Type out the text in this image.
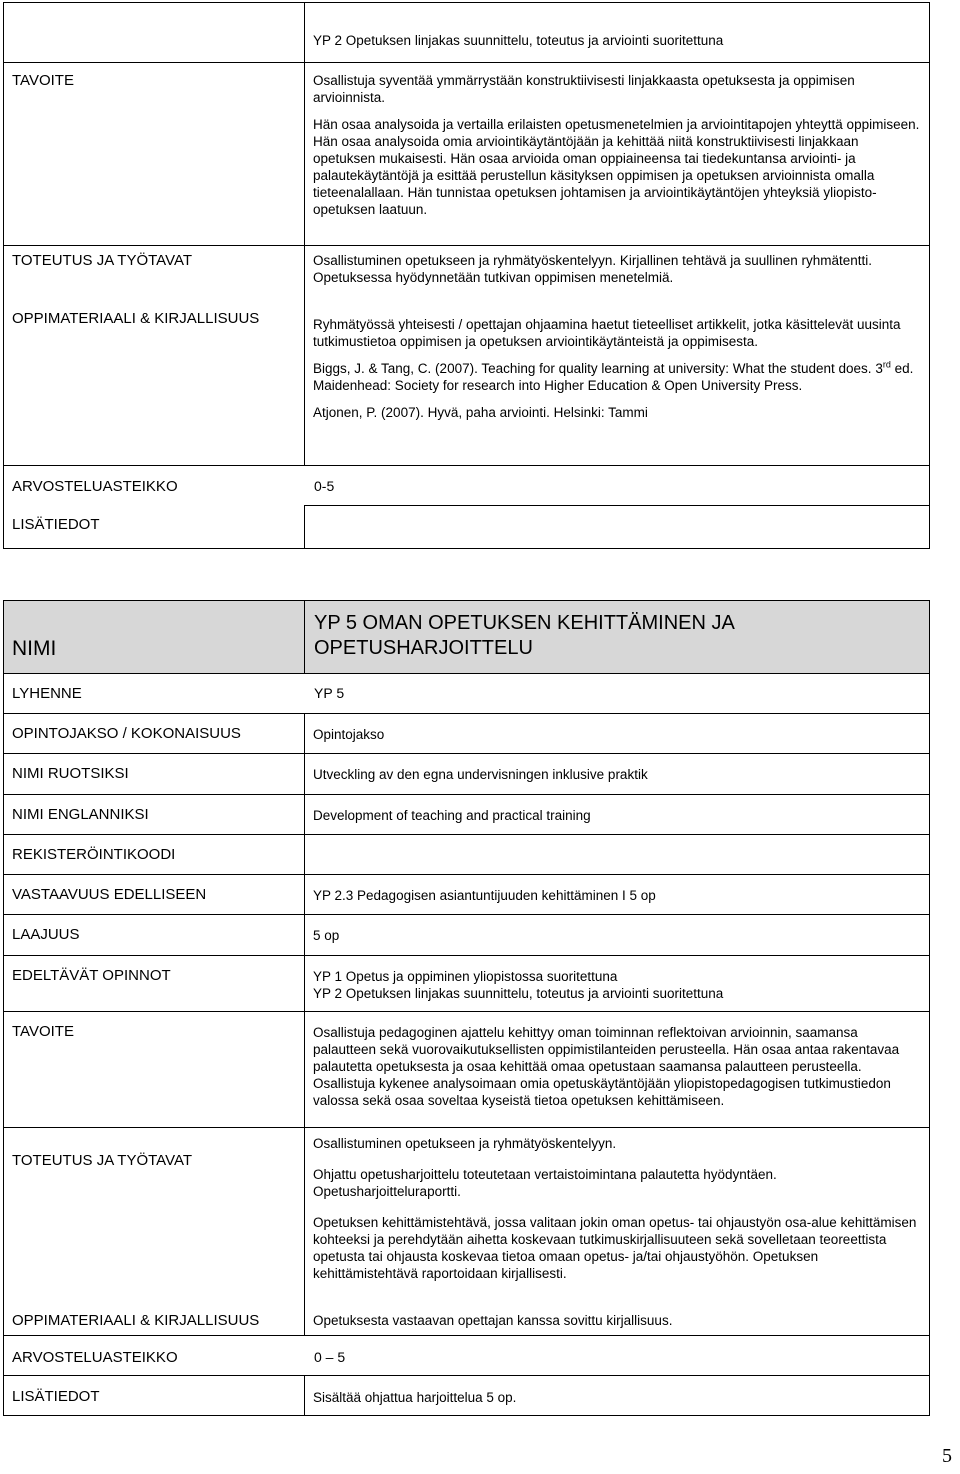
	YP 2 Opetuksen linjakas suunnittelu, toteutus ja arviointi suoritettuna

TAVOITE	Osallistuja syventää ymmärrystään konstruktiivisesti linjakkaasta opetuksesta ja oppimisen arvioinnista.

Hän osaa analysoida ja vertailla erilaisten opetusmenetelmien ja arviointitapojen yhteyttä oppimiseen. Hän osaa analysoida omia arviointikäytäntöjään ja kehittää niitä konstruktiivisesti linjakkaan opetuksen mukaisesti. Hän osaa arvioida oman oppiaineensa tai tiedekuntansa arviointi- ja palautekäytäntöjä ja esittää perustellun käsityksen oppimisen ja opetuksen arvioinnista omalla tieteenalallaan. Hän tunnistaa opetuksen johtamisen ja arviointikäytäntöjen yhteyksiä yliopisto-opetuksen laatuun.

TOTEUTUS JA TYÖTAVAT	Osallistuminen opetukseen ja ryhmätyöskentelyyn. Kirjallinen tehtävä ja suullinen ryhmätentti. Opetuksessa hyödynnetään tutkivan oppimisen menetelmiä.

OPPIMATERIAALI & KIRJALLISUUS	Ryhmätyössä yhteisesti / opettajan ohjaamina haetut tieteelliset artikkelit, jotka käsittelevät uusinta tutkimustietoa oppimisen ja opetuksen arviointikäytänteistä ja oppimisesta.

Biggs, J. & Tang, C. (2007). Teaching for quality learning at university: What the student does. 3rd ed. Maidenhead: Society for research into Higher Education & Open University Press.

Atjonen, P. (2007). Hyvä, paha arviointi. Helsinki: Tammi

ARVOSTELUASTEIKKO 0-5	
LISÄTIEDOT	
NIMI	YP 5 OMAN OPETUKSEN KEHITTÄMINEN JA OPETUSHARJOITTELU

LYHENNE YP 5	
OPINTOJAKSO / KOKONAISUUS	Opintojakso
NIMI RUOTSIKSI	Utveckling av den egna undervisningen inklusive praktik
NIMI ENGLANNIKSI	Development of teaching and practical training
REKISTERÖINTIKOODI	
VASTAAVUUS EDELLISEEN	YP 2.3 Pedagogisen asiantuntijuuden kehittäminen I 5 op
LAAJUUS	5 op
EDELTÄVÄT OPINNOT	YP 1 Opetus ja oppiminen yliopistossa suoritettuna

YP 2 Opetuksen linjakas suunnittelu, toteutus ja arviointi suoritettuna

TAVOITE	Osallistuja pedagoginen ajattelu kehittyy oman toiminnan reflektoivan arvioinnin, saamansa palautteen sekä vuorovaikutuksellisten oppimistilanteiden perusteella. Hän osaa antaa rakentavaa palautetta opetuksesta ja osaa kehittää omaa opetustaan saamansa palautteen perusteella. Osallistuja kykenee analysoimaan omia opetuskäytäntöjään yliopistopedagogisen tutkimustiedon valossa sekä osaa soveltaa kyseistä tietoa opetuksen kehittämiseen.

TOTEUTUS JA TYÖTAVAT	Osallistuminen opetukseen ja ryhmätyöskentelyyn.

Ohjattu opetusharjoittelu toteutetaan vertaistoimintana palautetta hyödyntäen. Opetusharjoitteluraportti.

Opetuksen kehittämistehtävä, jossa valitaan jokin oman opetus- tai ohjaustyön osa-alue kehittämisen kohteeksi ja perehdytään aihetta koskevaan tutkimuskirjallisuuteen sekä sovelletaan teoreettista opetusta tai ohjausta koskevaa tietoa omaan opetus- ja/tai ohjaustyöhön. Opetuksen kehittämistehtävä raportoidaan kirjallisesti.

OPPIMATERIAALI & KIRJALLISUUS	Opetuksesta vastaavan opettajan kanssa sovittu kirjallisuus.
ARVOSTELUASTEIKKO 0 – 5	
LISÄTIEDOT	Sisältää ohjattua harjoittelua 5 op.
5
